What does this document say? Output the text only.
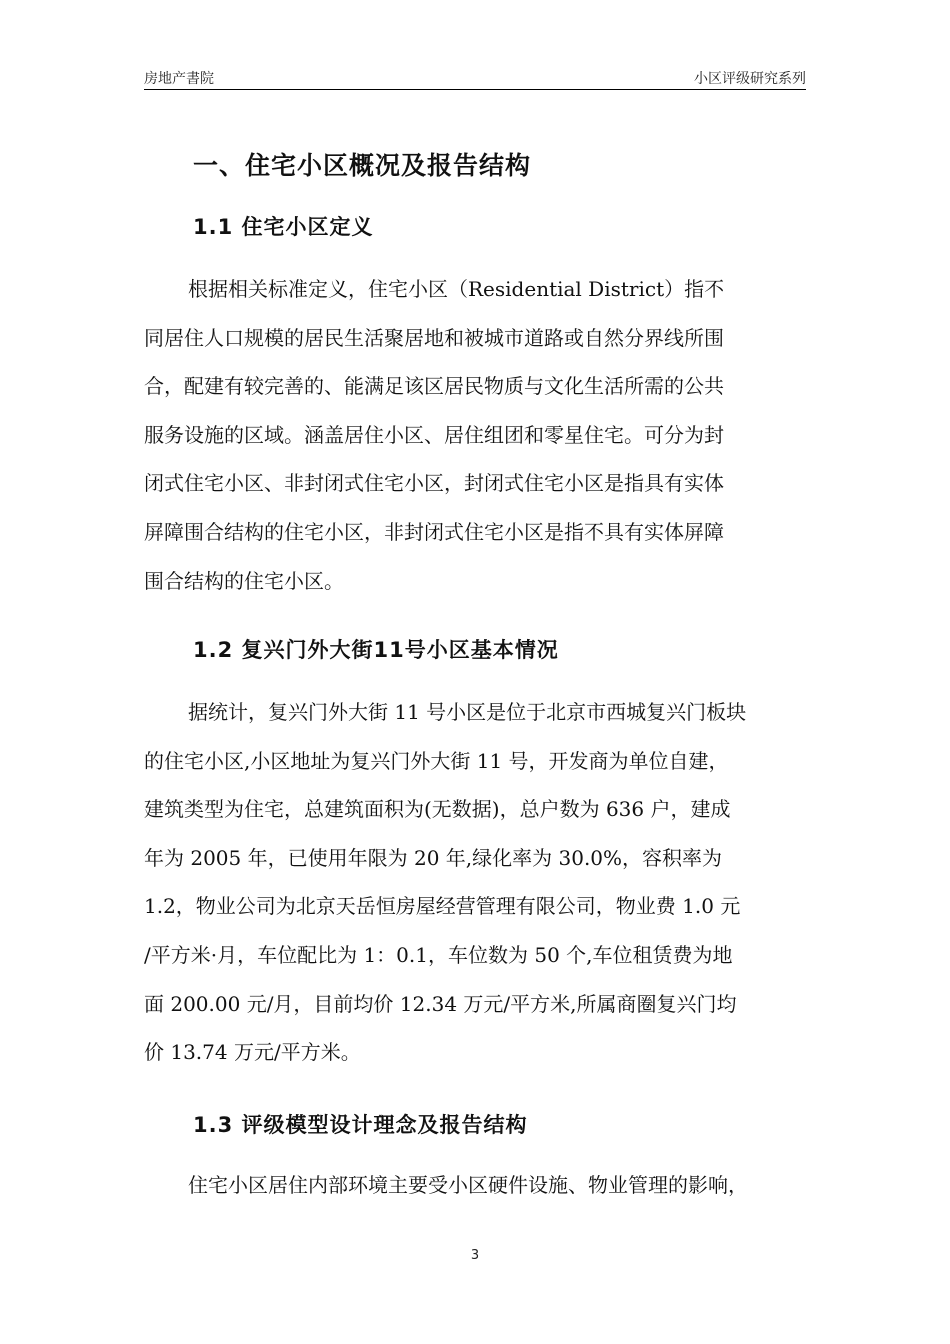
房地产書院	小区评级研究系列
一、住宅小区概况及报告结构
1.1 住宅小区定义
根据相关标准定义，住宅小区（Residential District）指不
同居住人口规模的居民生活聚居地和被城市道路或自然分界线所围
合，配建有较完善的、能满足该区居民物质与文化生活所需的公共
服务设施的区域。涵盖居住小区、居住组团和零星住宅。可分为封
闭式住宅小区、非封闭式住宅小区，封闭式住宅小区是指具有实体
屏障围合结构的住宅小区，非封闭式住宅小区是指不具有实体屏障
围合结构的住宅小区。
1.2 复兴门外大街11号小区基本情况
据统计，复兴门外大街 11 号小区是位于北京市西城复兴门板块
的住宅小区,小区地址为复兴门外大街 11 号，开发商为单位自建，
建筑类型为住宅，总建筑面积为(无数据)，总户数为 636 户，建成
年为 2005 年，已使用年限为 20 年,绿化率为 30.0%，容积率为
1.2，物业公司为北京天岳恒房屋经营管理有限公司，物业费 1.0 元
/平方米·月，车位配比为 1：0.1，车位数为 50 个,车位租赁费为地
面 200.00 元/月，目前均价 12.34 万元/平方米,所属商圈复兴门均
价 13.74 万元/平方米。
1.3 评级模型设计理念及报告结构
住宅小区居住内部环境主要受小区硬件设施、物业管理的影响，
3
